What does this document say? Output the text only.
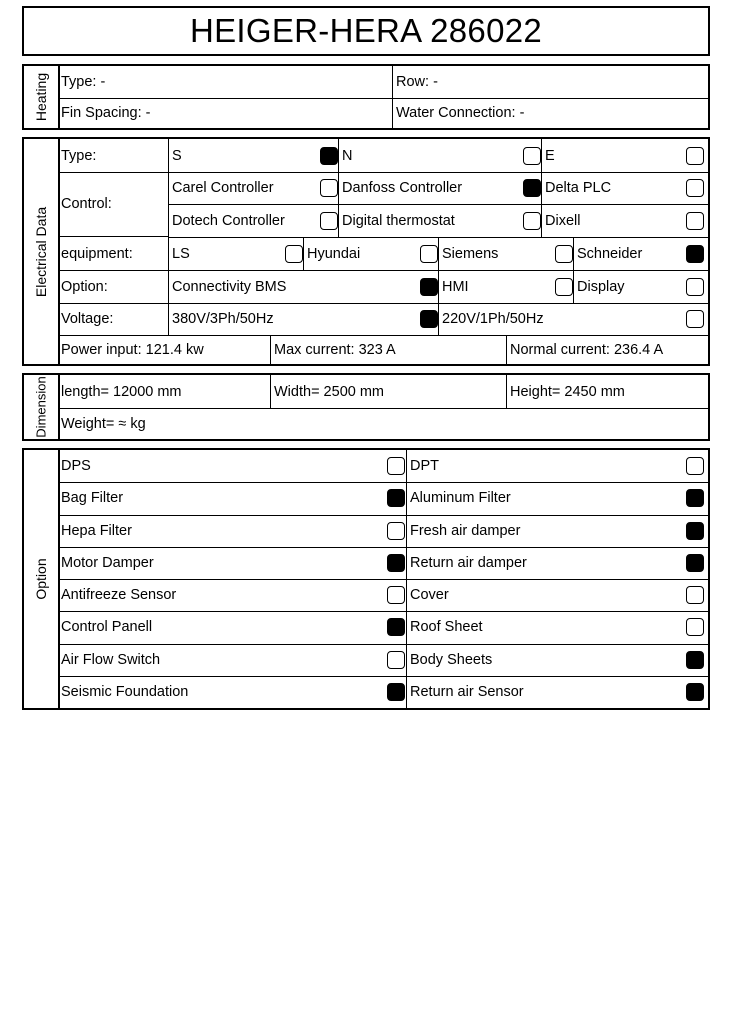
HEIGER-HERA 286022
Heating Type: -	Row: -
Fin Spacing: -	Water Connection: -
Electrical Data
Type:	S	N	E
Control:
Carel Controller	Danfoss Controller	Delta PLC
Dotech Controller	Digital thermostat	Dixell
equipment:	LS	Hyundai	Siemens	Schneider
Option:	Connectivity BMS	HMI	Display
Voltage:	380V/3Ph/50Hz	220V/1Ph/50Hz
Power input: 121.4 kw	Max current: 323 A	Normal current: 236.4 A
Dimension length= 12000 mm	Width= 2500 mm	Height= 2450 mm
Weight= ≈ kg
Option
DPS	DPT
Bag Filter	Aluminum Filter
Hepa Filter	Fresh air damper
Motor Damper	Return air damper
Antifreeze Sensor	Cover
Control Panell	Roof Sheet
Air Flow Switch	Body Sheets
Seismic Foundation	Return air Sensor
